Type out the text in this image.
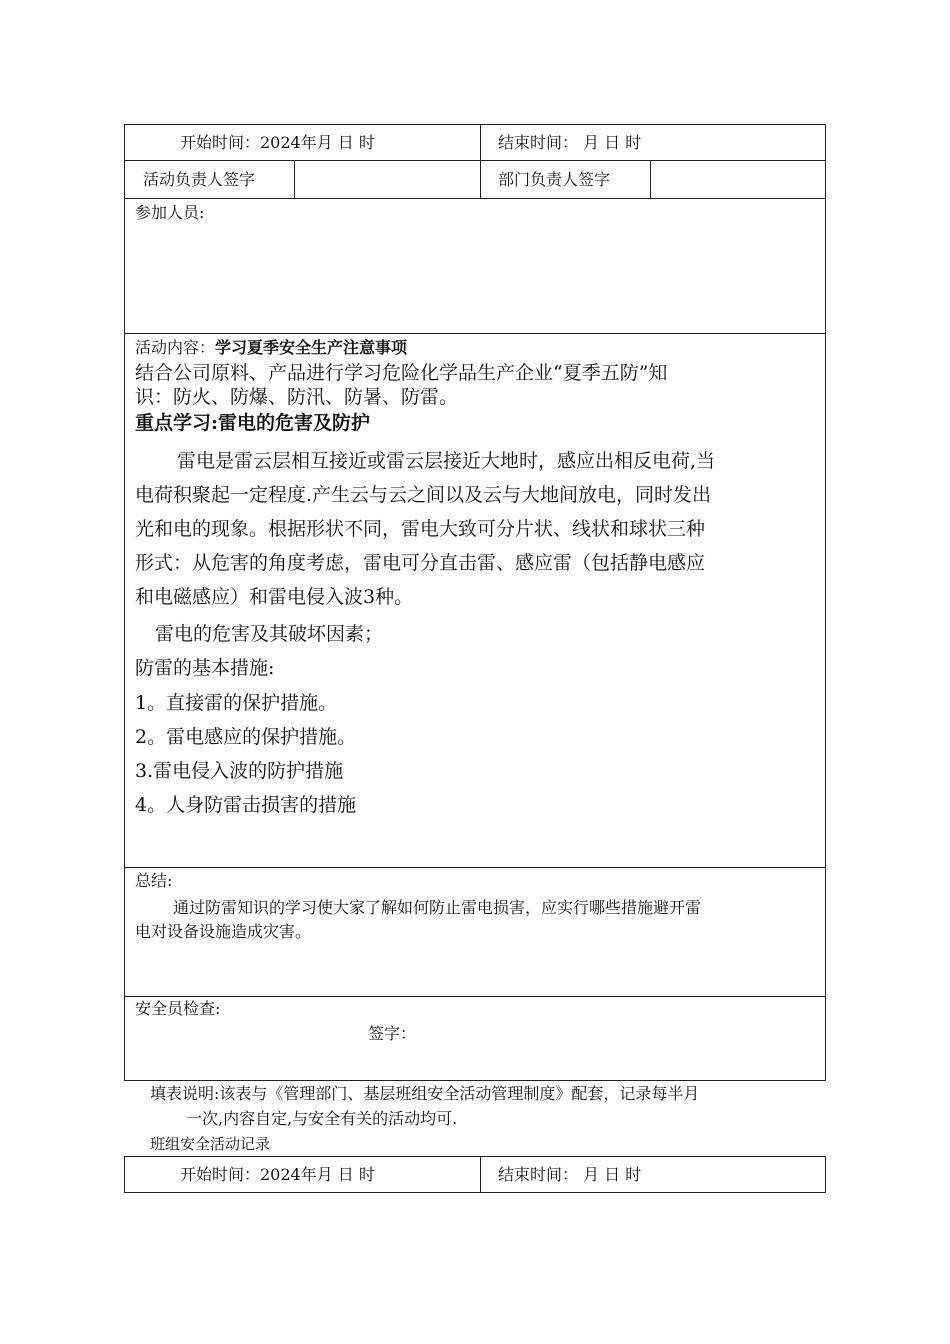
开始时间：2024年月 日 时	结束时间： 月 日 时
活动负责人签字	部门负责人签字
参加人员:
活动内容：学习夏季安全生产注意事项
结合公司原料、产品进行学习危险化学品生产企业“夏季五防”知
识：防火、防爆、防汛、防暑、防雷。
重点学习:雷电的危害及防护
雷电是雷云层相互接近或雷云层接近大地时，感应出相反电荷,当
电荷积聚起一定程度.产生云与云之间以及云与大地间放电，同时发出
光和电的现象。根据形状不同，雷电大致可分片状、线状和球状三种
形式：从危害的角度考虑，雷电可分直击雷、感应雷（包括静电感应
和电磁感应）和雷电侵入波3种。
雷电的危害及其破坏因素；
防雷的基本措施:
1。直接雷的保护措施。
2。雷电感应的保护措施。
3.雷电侵入波的防护措施
4。人身防雷击损害的措施
总结:
通过防雷知识的学习使大家了解如何防止雷电损害，应实行哪些措施避开雷
电对设备设施造成灾害。
安全员检查:
签字：
填表说明:该表与《管理部门、基层班组安全活动管理制度》配套，记录每半月
一次,内容自定,与安全有关的活动均可.
班组安全活动记录
开始时间：2024年月 日 时	结束时间： 月 日 时
